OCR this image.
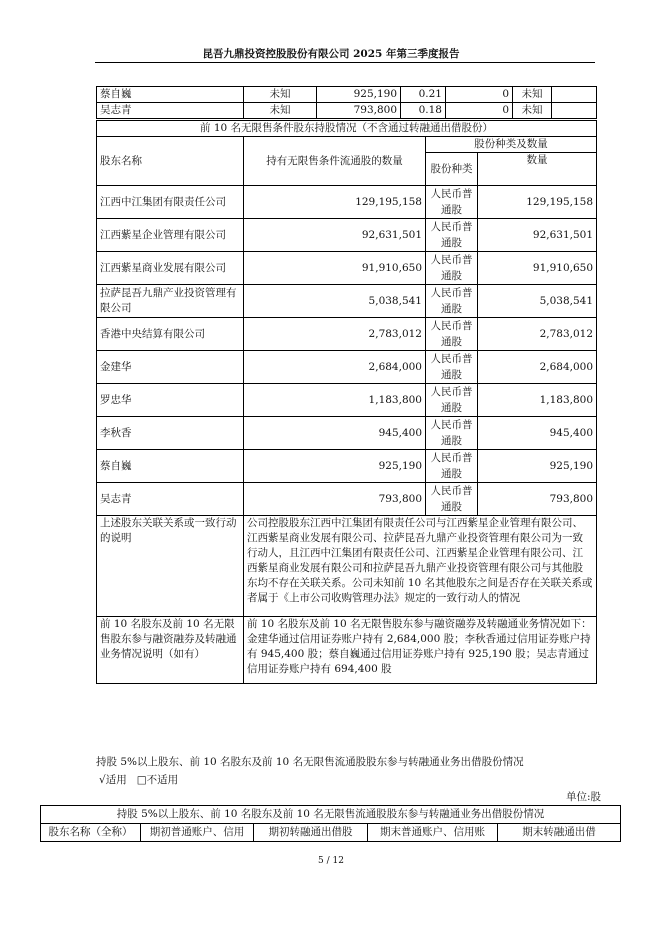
昆吾九鼎投资控股股份有限公司 2025 年第三季度报告
蔡自巍	未知	925,190	0.21	0	未知	
吴志青	未知	793,800	0.18	0	未知	
前 10 名无限售条件股东持股情况（不含通过转融通出借股份）			
股东名称	持有无限售条件流通股的数量	股份种类及数量	
		股份种类	数量
江西中江集团有限责任公司	129,195,158	人民币普通股	129,195,158
江西紫星企业管理有限公司	92,631,501	人民币普通股	92,631,501
江西紫星商业发展有限公司	91,910,650	人民币普通股	91,910,650
拉萨昆吾九鼎产业投资管理有限公司	5,038,541	人民币普通股	5,038,541
香港中央结算有限公司	2,783,012	人民币普通股	2,783,012
金建华	2,684,000	人民币普通股	2,684,000
罗忠华	1,183,800	人民币普通股	1,183,800
李秋香	945,400	人民币普通股	945,400
蔡自巍	925,190	人民币普通股	925,190
吴志青	793,800	人民币普通股	793,800
上述股东关联关系或一致行动的说明	公司控股股东江西中江集团有限责任公司与江西紫星企业管理有限公司、江西紫星商业发展有限公司、拉萨昆吾九鼎产业投资管理有限公司为一致行动人，且江西中江集团有限责任公司、江西紫星企业管理有限公司、江西紫星商业发展有限公司和拉萨昆吾九鼎产业投资管理有限公司与其他股东均不存在关联关系。公司未知前 10 名其他股东之间是否存在关联关系或者属于《上市公司收购管理办法》规定的一致行动人的情况		
前 10 名股东及前 10 名无限售股东参与融资融券及转融通业务情况说明（如有）	前 10 名股东及前 10 名无限售股东参与融资融券及转融通业务情况如下：金建华通过信用证券账户持有 2,684,000 股；李秋香通过信用证券账户持有 945,400 股；蔡自巍通过信用证券账户持有 925,190 股；吴志青通过信用证券账户持有 694,400 股		
持股 5%以上股东、前 10 名股东及前 10 名无限售流通股股东参与转融通业务出借股份情况
√适用 □不适用
单位:股
持股 5%以上股东、前 10 名股东及前 10 名无限售流通股股东参与转融通业务出借股份情况
股东名称（全称）	期初普通账户、信用	期初转融通出借股	期末普通账户、信用账	期末转融通出借
5 / 12
